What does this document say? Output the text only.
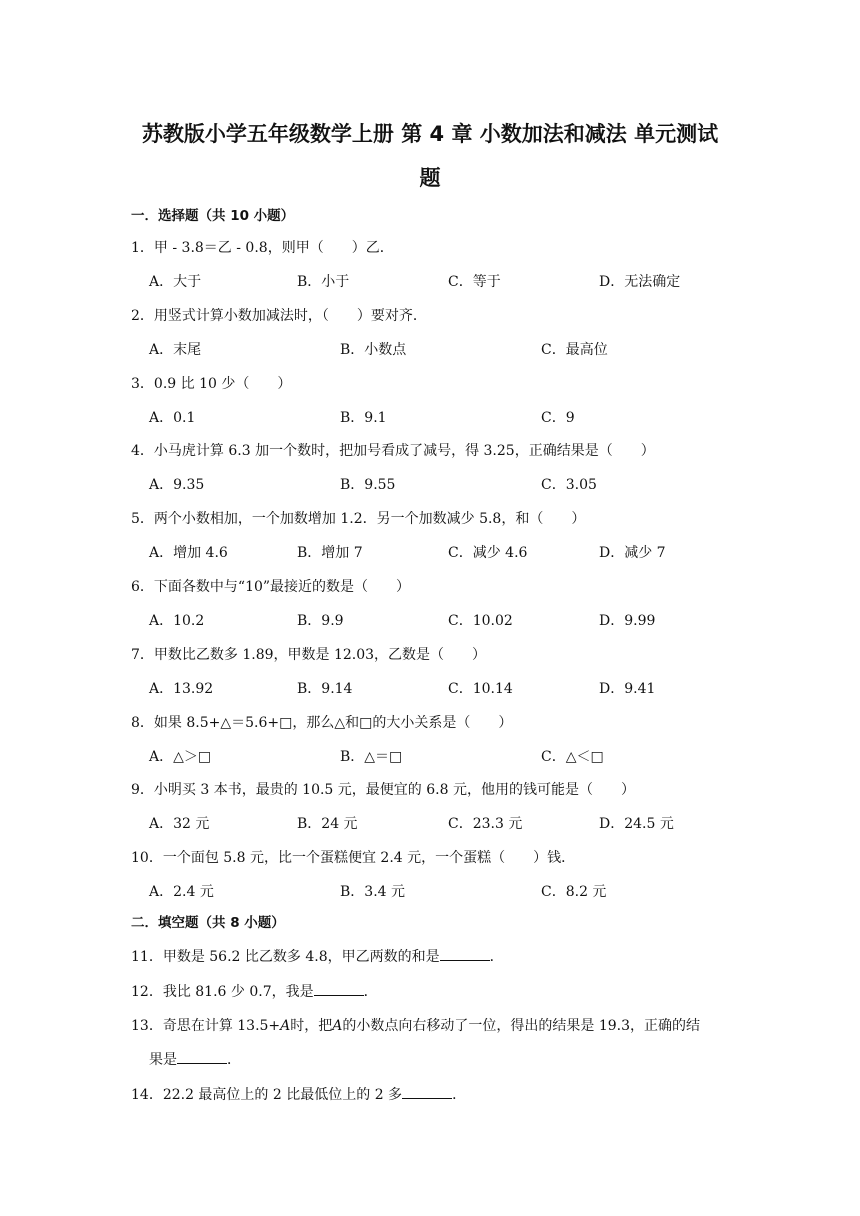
苏教版小学五年级数学上册 第 4 章 小数加法和减法 单元测试
题
一．选择题（共 10 小题）
1．甲 - 3.8＝乙 - 0.8，则甲（　　）乙．
A．大于	B．小于	C．等于	D．无法确定
2．用竖式计算小数加减法时，（　　）要对齐．
A．末尾	B．小数点	C．最高位
3．0.9 比 10 少（　　）
A．0.1	B．9.1	C．9
4．小马虎计算 6.3 加一个数时，把加号看成了减号，得 3.25，正确结果是（　　）
A．9.35	B．9.55	C．3.05
5．两个小数相加，一个加数增加 1.2．另一个加数减少 5.8，和（　　）
A．增加 4.6	B．增加 7	C．减少 4.6	D．减少 7
6．下面各数中与“10”最接近的数是（　　）
A．10.2	B．9.9	C．10.02	D．9.99
7．甲数比乙数多 1.89，甲数是 12.03，乙数是（　　）
A．13.92	B．9.14	C．10.14	D．9.41
8．如果 8.5+△＝5.6+□，那么△和□的大小关系是（　　）
A．△＞□	B．△＝□	C．△＜□
9．小明买 3 本书，最贵的 10.5 元，最便宜的 6.8 元，他用的钱可能是（　　）
A．32 元	B．24 元	C．23.3 元	D．24.5 元
10．一个面包 5.8 元，比一个蛋糕便宜 2.4 元，一个蛋糕（　　）钱．
A．2.4 元	B．3.4 元	C．8.2 元
二．填空题（共 8 小题）
11．甲数是 56.2 比乙数多 4.8，甲乙两数的和是	．
12．我比 81.6 少 0.7，我是	．
13．奇思在计算 13.5+A时，把A的小数点向右移动了一位，得出的结果是 19.3，正确的结
果是	．
14．22.2 最高位上的 2 比最低位上的 2 多	．
